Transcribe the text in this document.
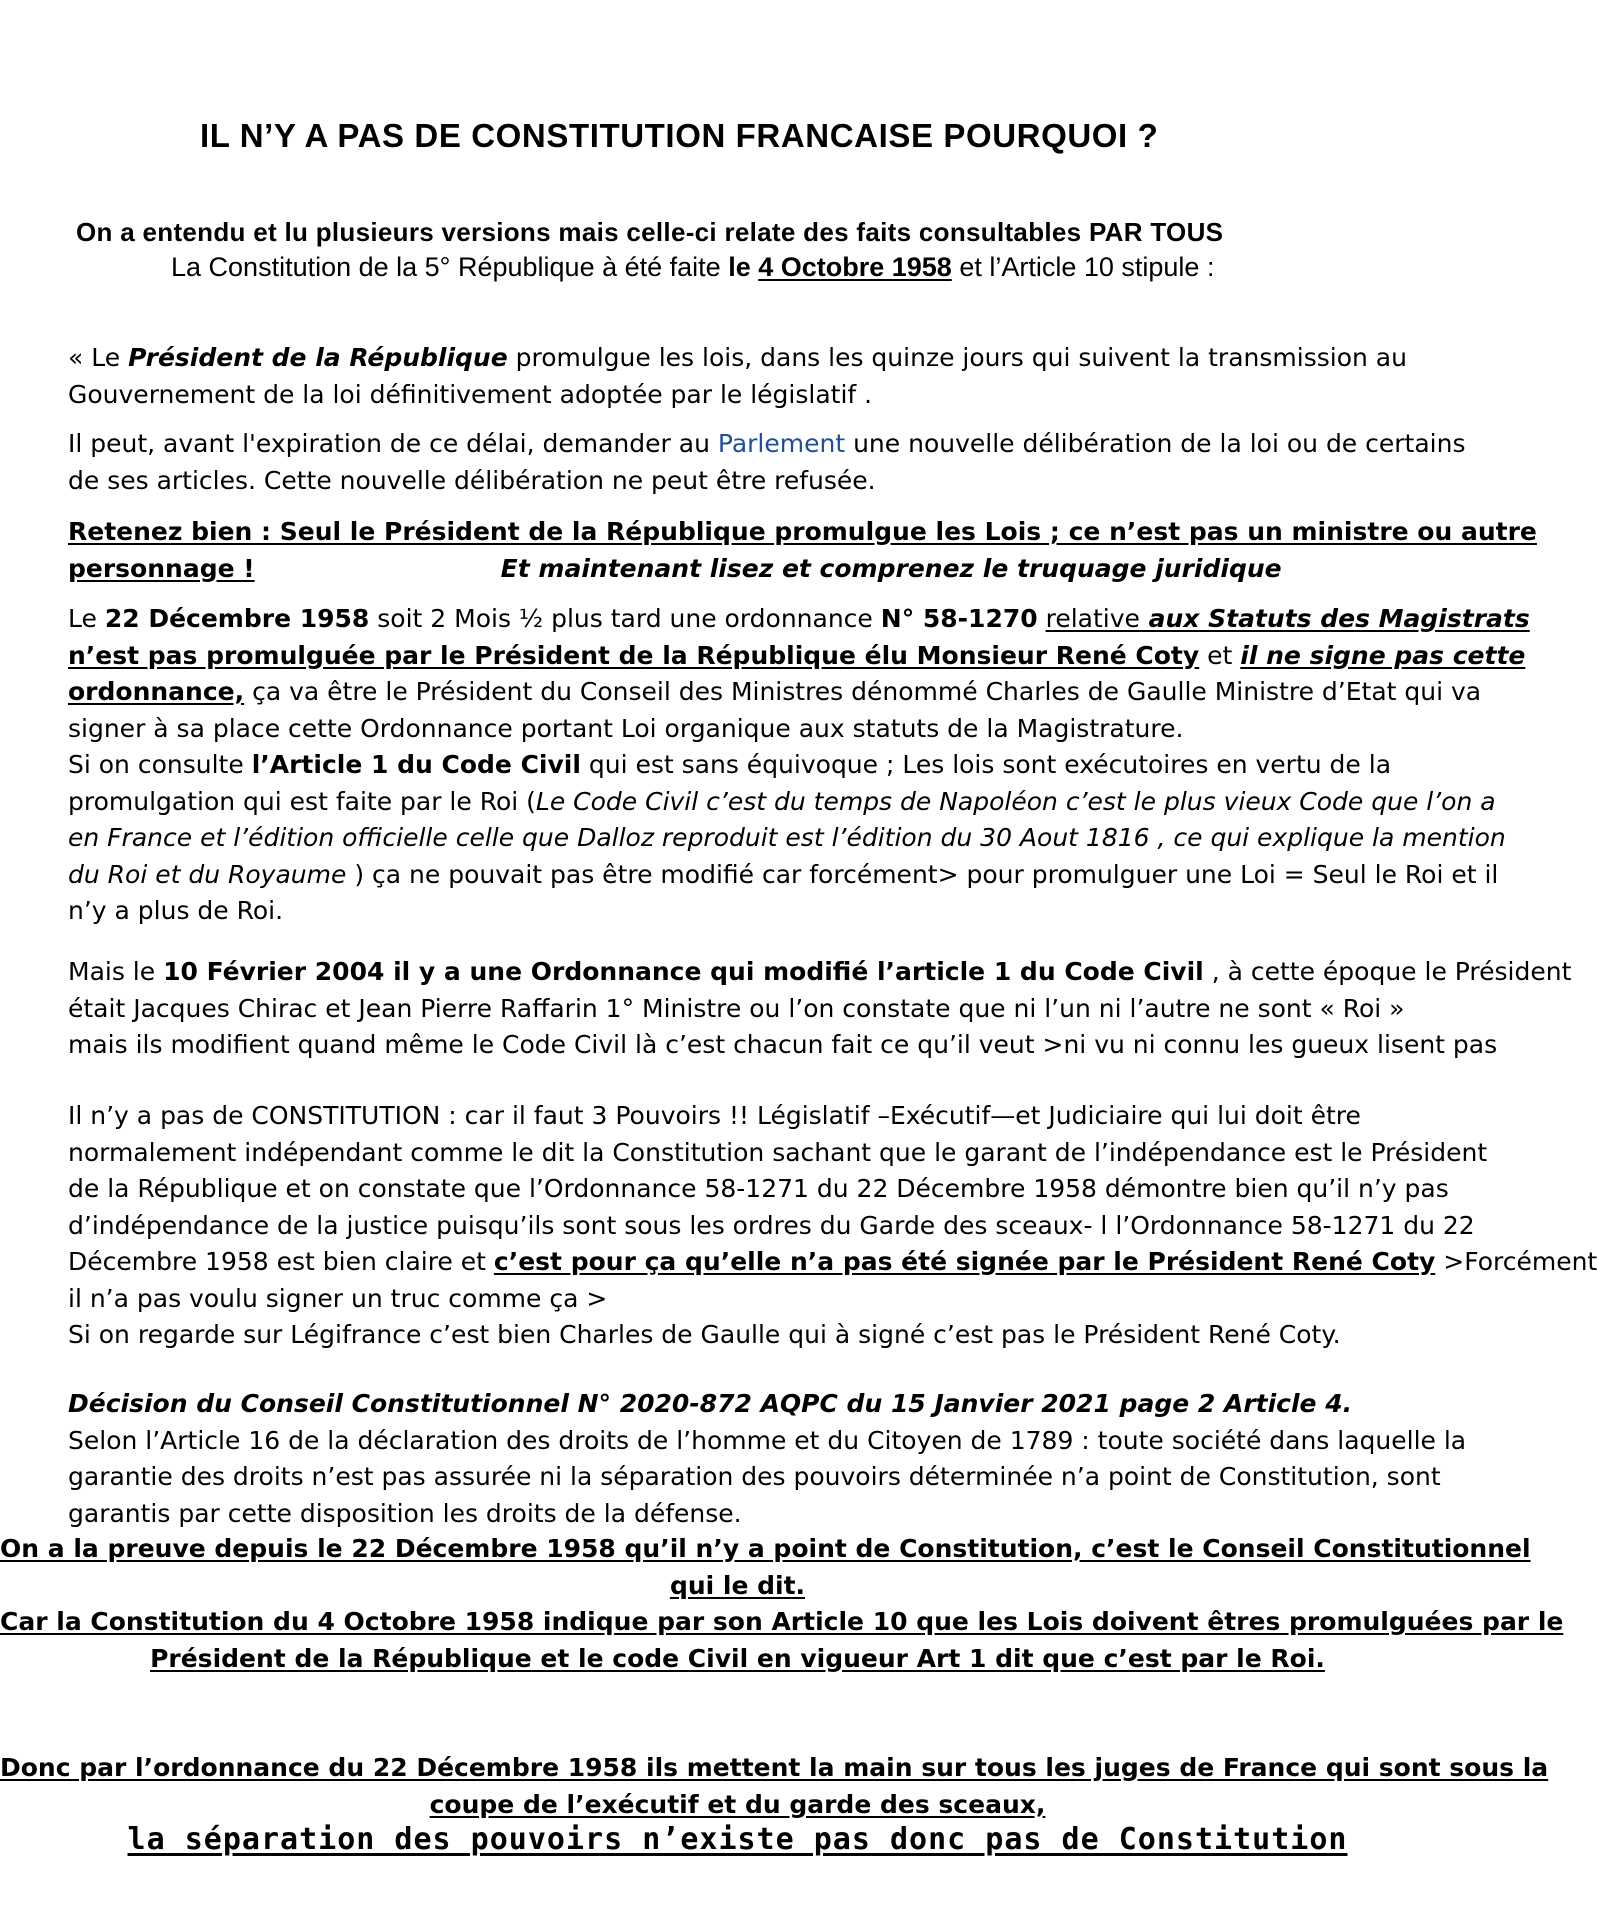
IL N’Y A PAS DE CONSTITUTION FRANCAISE POURQUOI ?
On a entendu et lu plusieurs versions mais celle-ci relate des faits consultables PAR TOUS
La Constitution de la 5° République à été faite le 4 Octobre 1958 et l’Article 10 stipule :
« Le Président de la République promulgue les lois, dans les quinze jours qui suivent la transmission au
Gouvernement de la loi définitivement adoptée par le législatif .
Il peut, avant l'expiration de ce délai, demander au Parlement une nouvelle délibération de la loi ou de certains
de ses articles. Cette nouvelle délibération ne peut être refusée.
Retenez bien : Seul le Président de la République promulgue les Lois ; ce n’est pas un ministre ou autre
personnage !	Et maintenant lisez et comprenez le truquage juridique
Le 22 Décembre 1958 soit 2 Mois ½ plus tard une ordonnance N° 58-1270 relative aux Statuts des Magistrats
n’est pas promulguée par le Président de la République élu Monsieur René Coty et il ne signe pas cette
ordonnance, ça va être le Président du Conseil des Ministres dénommé Charles de Gaulle Ministre d’Etat qui va
signer à sa place cette Ordonnance portant Loi organique aux statuts de la Magistrature.
Si on consulte l’Article 1 du Code Civil qui est sans équivoque ; Les lois sont exécutoires en vertu de la
promulgation qui est faite par le Roi (Le Code Civil c’est du temps de Napoléon c’est le plus vieux Code que l’on a
en France et l’édition officielle celle que Dalloz reproduit est l’édition du 30 Aout 1816 , ce qui explique la mention
du Roi et du Royaume ) ça ne pouvait pas être modifié car forcément> pour promulguer une Loi = Seul le Roi et il
n’y a plus de Roi.
Mais le 10 Février 2004 il y a une Ordonnance qui modifié l’article 1 du Code Civil , à cette époque le Président
était Jacques Chirac et Jean Pierre Raffarin 1° Ministre ou l’on constate que ni l’un ni l’autre ne sont « Roi »
mais ils modifient quand même le Code Civil là c’est chacun fait ce qu’il veut >ni vu ni connu les gueux lisent pas
Il n’y a pas de CONSTITUTION : car il faut 3 Pouvoirs !! Législatif –Exécutif—et Judiciaire qui lui doit être
normalement indépendant comme le dit la Constitution sachant que le garant de l’indépendance est le Président
de la République et on constate que l’Ordonnance 58-1271 du 22 Décembre 1958 démontre bien qu’il n’y pas
d’indépendance de la justice puisqu’ils sont sous les ordres du Garde des sceaux- l l’Ordonnance 58-1271 du 22
Décembre 1958 est bien claire et c’est pour ça qu’elle n’a pas été signée par le Président René Coty >Forcément
il n’a pas voulu signer un truc comme ça >
Si on regarde sur Légifrance c’est bien Charles de Gaulle qui à signé c’est pas le Président René Coty.
Décision du Conseil Constitutionnel N° 2020-872 AQPC du 15 Janvier 2021 page 2 Article 4.
Selon l’Article 16 de la déclaration des droits de l’homme et du Citoyen de 1789 : toute société dans laquelle la
garantie des droits n’est pas assurée ni la séparation des pouvoirs déterminée n’a point de Constitution, sont
garantis par cette disposition les droits de la défense.
On a la preuve depuis le 22 Décembre 1958 qu’il n’y a point de Constitution, c’est le Conseil Constitutionnel
qui le dit.
Car la Constitution du 4 Octobre 1958 indique par son Article 10 que les Lois doivent êtres promulguées par le
Président de la République et le code Civil en vigueur Art 1 dit que c’est par le Roi.
Donc par l’ordonnance du 22 Décembre 1958 ils mettent la main sur tous les juges de France qui sont sous la
coupe de l’exécutif et du garde des sceaux,
la séparation des pouvoirs n’existe pas donc pas de Constitution
